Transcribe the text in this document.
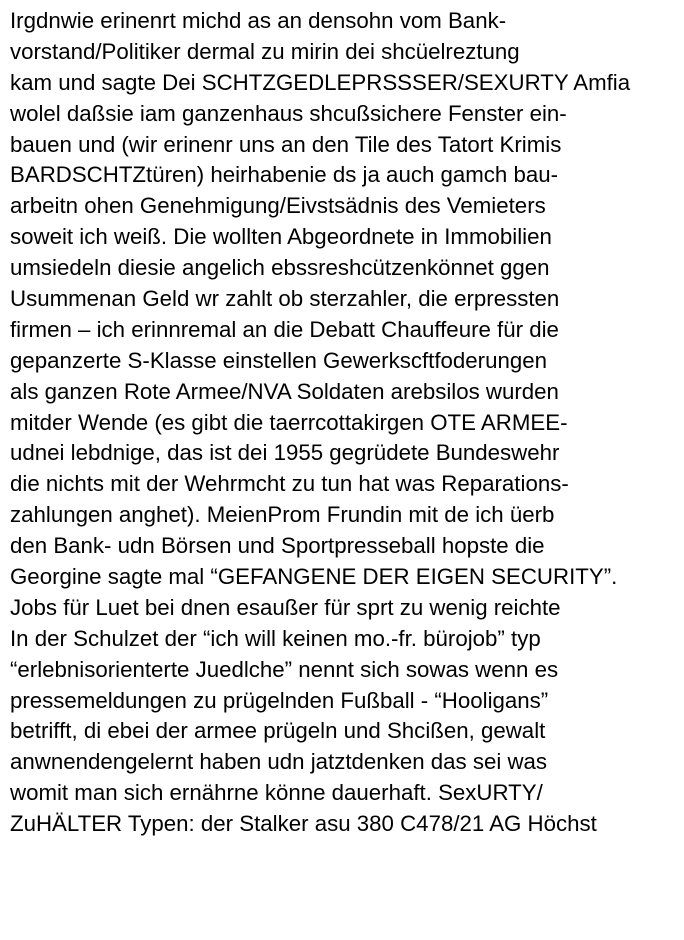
Irgdnwie erinenrt michd as an densohn vom Bank-
vorstand/Politiker dermal zu mirin dei shcüelreztung
kam und sagte Dei SCHTZGEDLEPRSSSER/SEXURTY Amfia
wolel daßsie iam ganzenhaus shcußsichere Fenster ein-
bauen und (wir erinenr uns an den Tile des Tatort Krimis
BARDSCHTZtüren) heirhabenie ds ja auch gamch bau-
arbeitn ohen Genehmigung/Eivstsädnis des Vemieters
soweit ich weiß. Die wollten Abgeordnete in Immobilien
umsiedeln diesie angelich ebssreshcützenkönnet ggen
Usummenan Geld wr zahlt ob sterzahler, die erpressten
firmen – ich erinnremal an die Debatt Chauffeure für die
gepanzerte S-Klasse einstellen Gewerkscftfoderungen
als ganzen Rote Armee/NVA Soldaten arebsilos wurden
mitder Wende (es gibt die taerrcottakirgen OTE ARMEE-
udnei lebdnige, das ist dei 1955 gegrüdete Bundeswehr
die nichts mit der Wehrmcht zu tun hat was Reparations-
zahlungen anghet). MeienProm Frundin mit de ich üerb
den Bank- udn Börsen und Sportpresseball hopste die
Georgine sagte mal “GEFANGENE DER EIGEN SECURITY”.
Jobs für Luet bei dnen esaußer für sprt zu wenig reichte
In der Schulzet der “ich will keinen mo.-fr. bürojob” typ
“erlebnisorienterte Juedlche” nennt sich sowas wenn es
pressemeldungen zu prügelnden Fußball - “Hooligans”
betrifft, di ebei der armee prügeln und Shcißen, gewalt
anwnendengelernt haben udn jatztdenken das sei was
womit man sich ernährne könne dauerhaft. SexURTY/
ZuHÄLTER Typen: der Stalker asu 380 C478/21 AG Höchst
